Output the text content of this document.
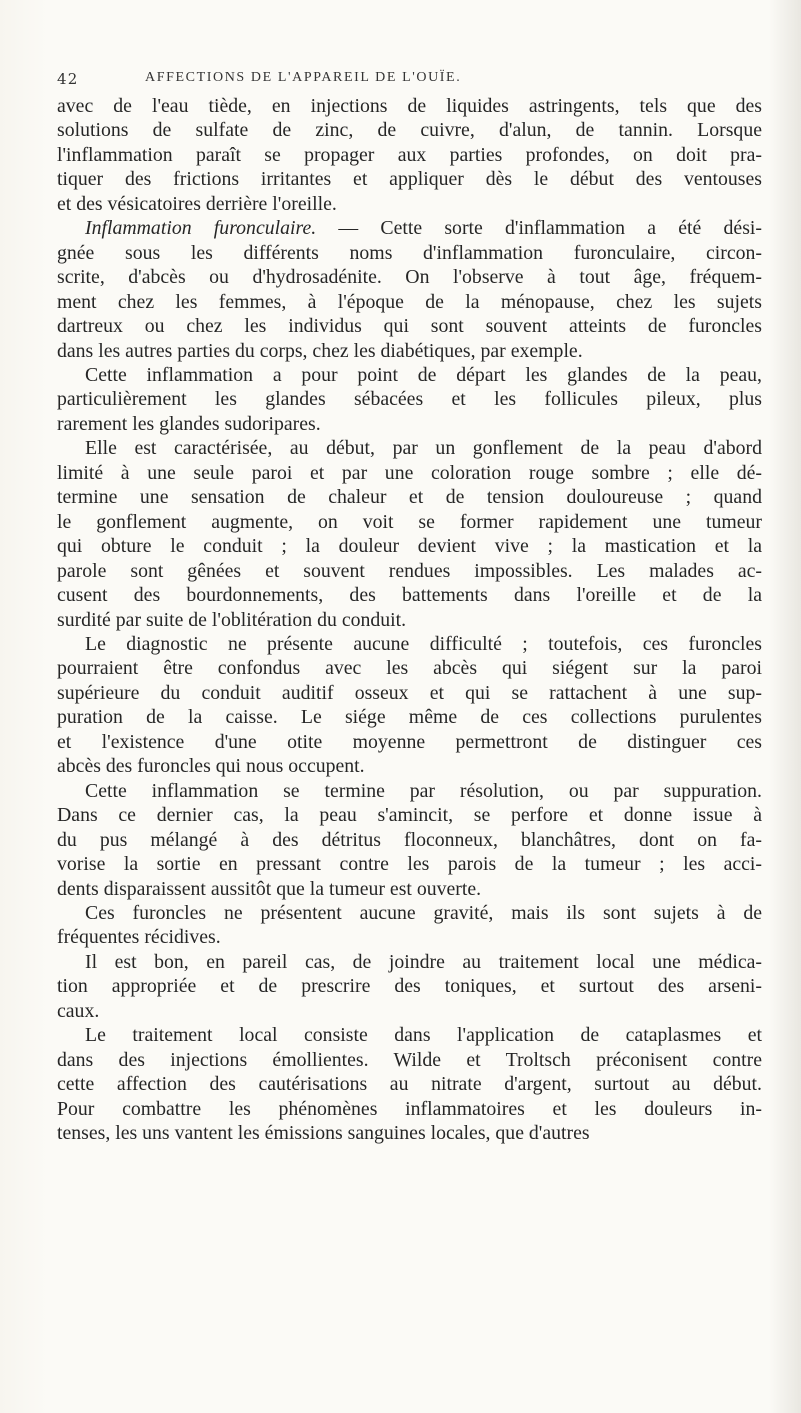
42	AFFECTIONS DE L'APPAREIL DE L'OUÏE.
avec de l'eau tiède, en injections de liquides astringents, tels que des
solutions de sulfate de zinc, de cuivre, d'alun, de tannin. Lorsque
l'inflammation paraît se propager aux parties profondes, on doit pra-
tiquer des frictions irritantes et appliquer dès le début des ventouses
et des vésicatoires derrière l'oreille.
Inflammation furonculaire. — Cette sorte d'inflammation a été dési-
gnée sous les différents noms d'inflammation furonculaire, circon-
scrite, d'abcès ou d'hydrosadénite. On l'observe à tout âge, fréquem-
ment chez les femmes, à l'époque de la ménopause, chez les sujets
dartreux ou chez les individus qui sont souvent atteints de furoncles
dans les autres parties du corps, chez les diabétiques, par exemple.
Cette inflammation a pour point de départ les glandes de la peau,
particulièrement les glandes sébacées et les follicules pileux, plus
rarement les glandes sudoripares.
Elle est caractérisée, au début, par un gonflement de la peau d'abord
limité à une seule paroi et par une coloration rouge sombre ; elle dé-
termine une sensation de chaleur et de tension douloureuse ; quand
le gonflement augmente, on voit se former rapidement une tumeur
qui obture le conduit ; la douleur devient vive ; la mastication et la
parole sont gênées et souvent rendues impossibles. Les malades ac-
cusent des bourdonnements, des battements dans l'oreille et de la
surdité par suite de l'oblitération du conduit.
Le diagnostic ne présente aucune difficulté ; toutefois, ces furoncles
pourraient être confondus avec les abcès qui siégent sur la paroi
supérieure du conduit auditif osseux et qui se rattachent à une sup-
puration de la caisse. Le siége même de ces collections purulentes
et l'existence d'une otite moyenne permettront de distinguer ces
abcès des furoncles qui nous occupent.
Cette inflammation se termine par résolution, ou par suppuration.
Dans ce dernier cas, la peau s'amincit, se perfore et donne issue à
du pus mélangé à des détritus floconneux, blanchâtres, dont on fa-
vorise la sortie en pressant contre les parois de la tumeur ; les acci-
dents disparaissent aussitôt que la tumeur est ouverte.
Ces furoncles ne présentent aucune gravité, mais ils sont sujets à de
fréquentes récidives.
Il est bon, en pareil cas, de joindre au traitement local une médica-
tion appropriée et de prescrire des toniques, et surtout des arseni-
caux.
Le traitement local consiste dans l'application de cataplasmes et
dans des injections émollientes. Wilde et Troltsch préconisent contre
cette affection des cautérisations au nitrate d'argent, surtout au début.
Pour combattre les phénomènes inflammatoires et les douleurs in-
tenses, les uns vantent les émissions sanguines locales, que d'autres
